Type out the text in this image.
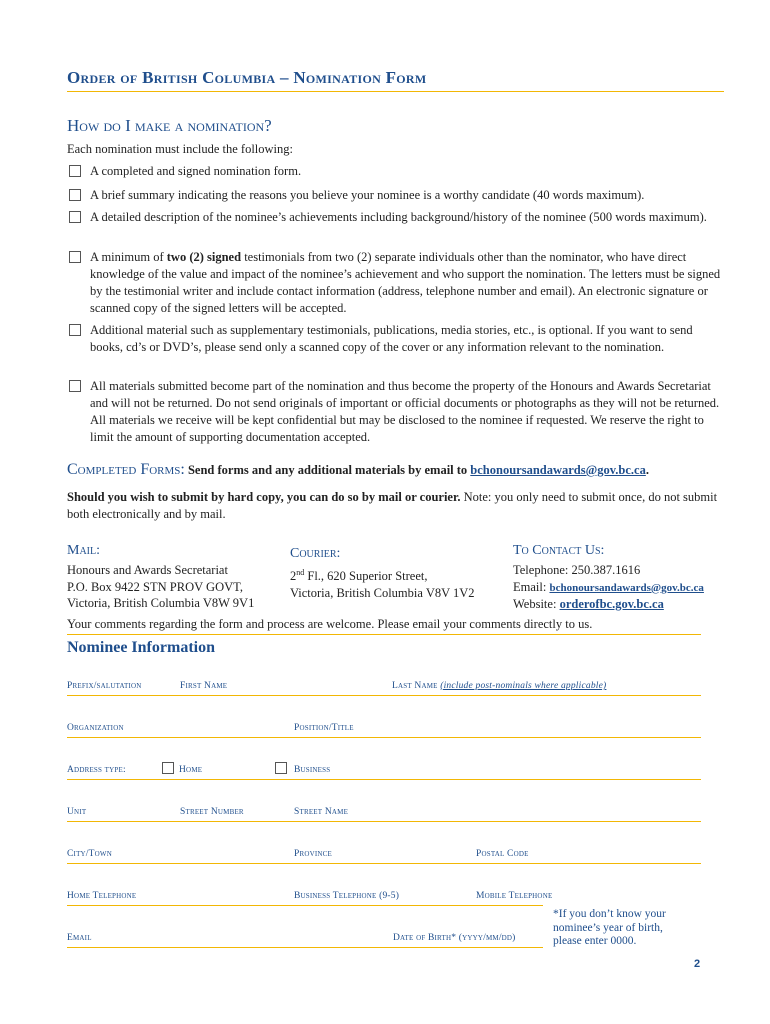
Order of British Columbia – Nomination Form
How do I make a nomination?
Each nomination must include the following:
A completed and signed nomination form.
A brief summary indicating the reasons you believe your nominee is a worthy candidate (40 words maximum).
A detailed description of the nominee’s achievements including background/history of the nominee (500 words maximum).
A minimum of two (2) signed testimonials from two (2) separate individuals other than the nominator, who have direct knowledge of the value and impact of the nominee’s achievement and who support the nomination. The letters must be signed by the testimonial writer and include contact information (address, telephone number and email). An electronic signature or scanned copy of the signed letters will be accepted.
Additional material such as supplementary testimonials, publications, media stories, etc., is optional. If you want to send books, cd’s or DVD’s, please send only a scanned copy of the cover or any information relevant to the nomination.
All materials submitted become part of the nomination and thus become the property of the Honours and Awards Secretariat and will not be returned. Do not send originals of important or official documents or photographs as they will not be returned. All materials we receive will be kept confidential but may be disclosed to the nominee if requested. We reserve the right to limit the amount of supporting documentation accepted.
Completed Forms: Send forms and any additional materials by email to bchonoursandawards@gov.bc.ca.
Should you wish to submit by hard copy, you can do so by mail or courier. Note: you only need to submit once, do not submit both electronically and by mail.
Mail:
Honours and Awards Secretariat
P.O. Box 9422 STN PROV GOVT,
Victoria, British Columbia V8W 9V1
Courier:
2nd Fl., 620 Superior Street,
Victoria, British Columbia V8V 1V2
To Contact Us:
Telephone: 250.387.1616
Email: bchonoursandawards@gov.bc.ca
Website: orderofbc.gov.bc.ca
Your comments regarding the form and process are welcome. Please email your comments directly to us.
Nominee Information
Prefix/salutation	First Name	Last Name (include post-nominals where applicable)
Organization	Position/Title
Address type:	Home	Business
Unit	Street Number	Street Name
City/Town	Province	Postal Code
Home Telephone	Business Telephone (9-5)	Mobile Telephone
Email	Date of Birth* (yyyy/mm/dd)
*If you don’t know your nominee’s year of birth, please enter 0000.
2
